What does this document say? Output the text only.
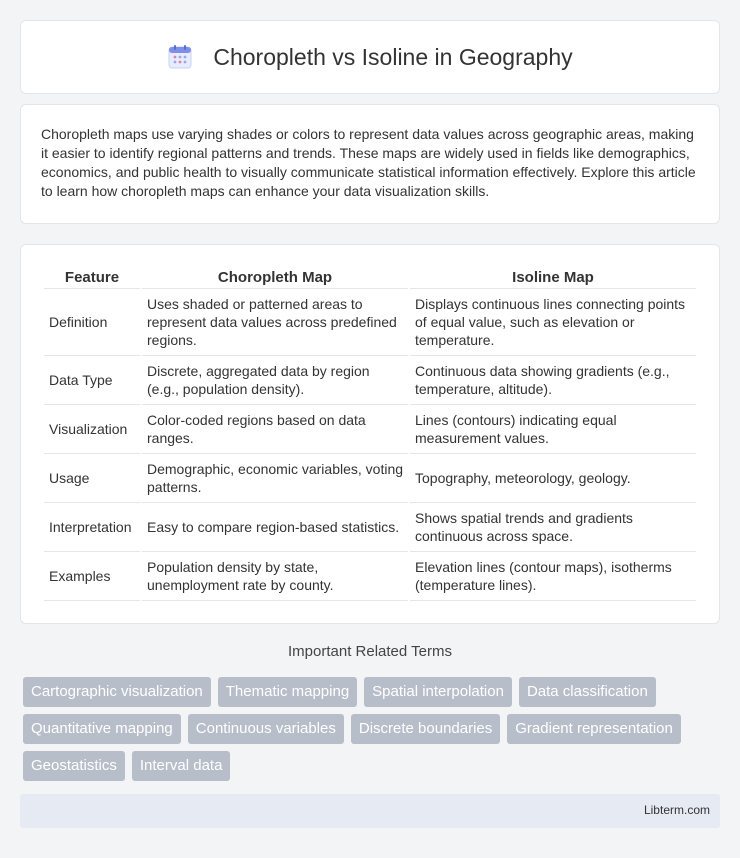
Choropleth vs Isoline in Geography

Choropleth maps use varying shades or colors to represent data values across geographic areas, making it easier to identify regional patterns and trends. These maps are widely used in fields like demographics, economics, and public health to visually communicate statistical information effectively. Explore this article to learn how choropleth maps can enhance your data visualization skills.

Feature	Choropleth Map	Isoline Map
Definition	Uses shaded or patterned areas to represent data values across predefined regions.	Displays continuous lines connecting points of equal value, such as elevation or temperature.
Data Type	Discrete, aggregated data by region (e.g., population density).	Continuous data showing gradients (e.g., temperature, altitude).
Visualization	Color-coded regions based on data ranges.	Lines (contours) indicating equal measurement values.
Usage	Demographic, economic variables, voting patterns.	Topography, meteorology, geology.
Interpretation	Easy to compare region-based statistics.	Shows spatial trends and gradients continuous across space.
Examples	Population density by state, unemployment rate by county.	Elevation lines (contour maps), isotherms (temperature lines).
Important Related Terms
Cartographic visualization	Thematic mapping	Spatial interpolation	Data classification
Quantitative mapping	Continuous variables	Discrete boundaries	Gradient representation
Geostatistics	Interval data
Libterm.com
